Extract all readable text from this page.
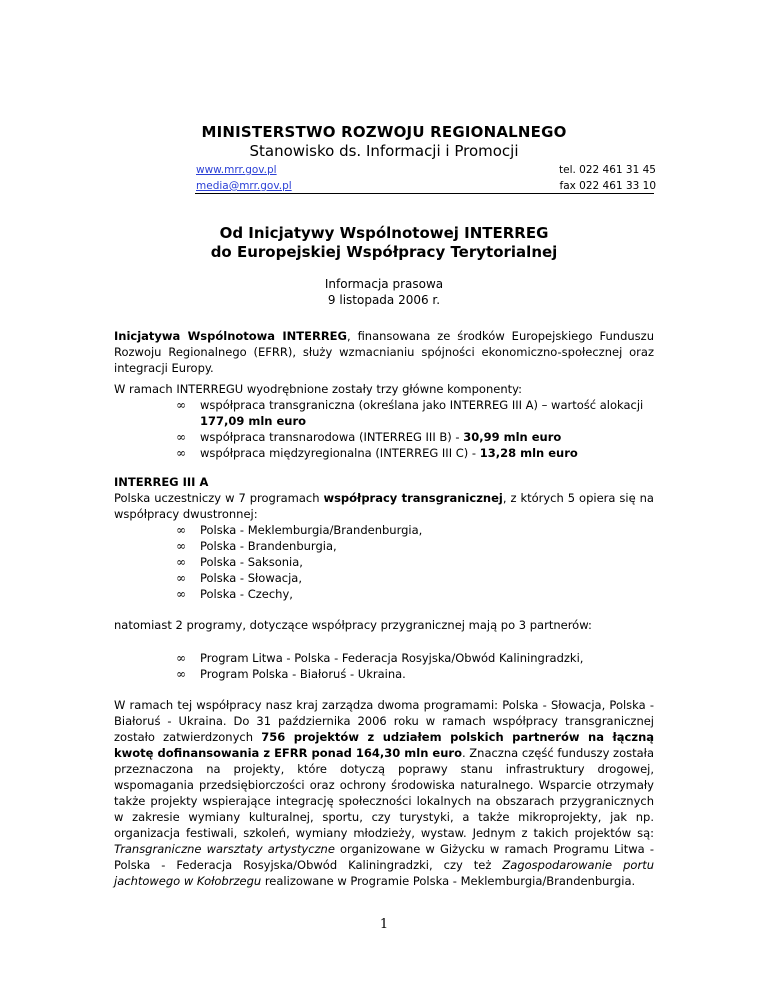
MINISTERSTWO ROZWOJU REGIONALNEGO
Stanowisko ds. Informacji i Promocji
www.mrr.gov.pl
media@mrr.gov.pl
tel. 022 461 31 45
fax 022 461 33 10
Od Inicjatywy Wspólnotowej INTERREG
do Europejskiej Współpracy Terytorialnej
Informacja prasowa
9 listopada 2006 r.

Inicjatywa Wspólnotowa INTERREG, finansowana ze środków Europejskiego Funduszu Rozwoju Regionalnego (EFRR), służy wzmacnianiu spójności ekonomiczno-społecznej oraz integracji Europy.

W ramach INTERREGU wyodrębnione zostały trzy główne komponenty:

∞	współpraca transgraniczna (określana jako INTERREG III A) – wartość alokacji 177,09 mln euro
∞	współpraca transnarodowa (INTERREG III B) - 30,99 mln euro
∞	współpraca międzyregionalna (INTERREG III C) - 13,28 mln euro

INTERREG III A

Polska uczestniczy w 7 programach współpracy transgranicznej, z których 5 opiera się na współpracy dwustronnej:

∞	Polska - Meklemburgia/Brandenburgia,
∞	Polska - Brandenburgia,
∞	Polska - Saksonia,
∞	Polska - Słowacja,
∞	Polska - Czechy,

natomiast 2 programy, dotyczące współpracy przygranicznej mają po 3 partnerów:

∞	Program Litwa - Polska - Federacja Rosyjska/Obwód Kaliningradzki,
∞	Program Polska - Białoruś - Ukraina.

W ramach tej współpracy nasz kraj zarządza dwoma programami: Polska - Słowacja, Polska - Białoruś - Ukraina. Do 31 października 2006 roku w ramach współpracy transgranicznej zostało zatwierdzonych 756 projektów z udziałem polskich partnerów na łączną kwotę dofinansowania z EFRR ponad 164,30 mln euro. Znaczna część funduszy została przeznaczona na projekty, które dotyczą poprawy stanu infrastruktury drogowej, wspomagania przedsiębiorczości oraz ochrony środowiska naturalnego. Wsparcie otrzymały także projekty wspierające integrację społeczności lokalnych na obszarach przygranicznych w zakresie wymiany kulturalnej, sportu, czy turystyki, a także mikroprojekty, jak np. organizacja festiwali, szkoleń, wymiany młodzieży, wystaw. Jednym z takich projektów są: Transgraniczne warsztaty artystyczne organizowane w Giżycku w ramach Programu Litwa - Polska - Federacja Rosyjska/Obwód Kaliningradzki, czy też Zagospodarowanie portu jachtowego w Kołobrzegu realizowane w Programie Polska - Meklemburgia/Brandenburgia.

1
